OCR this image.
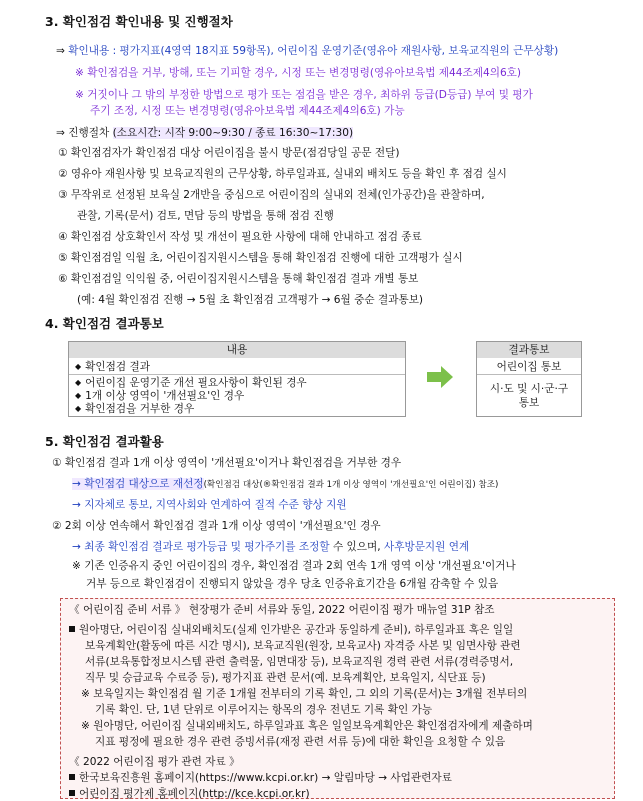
3. 확인점검 확인내용 및 진행절차
⇒ 확인내용 : 평가지표(4영역 18지표 59항목), 어린이집 운영기준(영유아 재원사항, 보육교직원의 근무상황)
※ 확인점검을 거부, 방해, 또는 기피할 경우, 시정 또는 변경명령(영유아보육법 제44조제4의6호)
※ 거짓이나 그 밖의 부정한 방법으로 평가 또는 점검을 받은 경우, 최하위 등급(D등급) 부여 및 평가
주기 조정, 시정 또는 변경명령(영유아보육법 제44조제4의6호) 가능
⇒ 진행절차 (소요시간: 시작 9:00~9:30 / 종료 16:30~17:30)
① 확인점검자가 확인점검 대상 어린이집을 불시 방문(점검당일 공문 전달)
② 영유아 재원사항 및 보육교직원의 근무상황, 하루일과표, 실내외 배치도 등을 확인 후 점검 실시
③ 무작위로 선정된 보육실 2개반을 중심으로 어린이집의 실내외 전체(인가공간)을 관찰하며,
관찰, 기록(문서) 검토, 면담 등의 방법을 통해 점검 진행
④ 확인점검 상호확인서 작성 및 개선이 필요한 사항에 대해 안내하고 점검 종료
⑤ 확인점검일 익월 초, 어린이집지원시스템을 통해 확인점검 진행에 대한 고객평가 실시
⑥ 확인점검일 익익월 중, 어린이집지원시스템을 통해 확인점검 결과 개별 통보
(예: 4월 확인점검 진행 → 5월 초 확인점검 고객평가 → 6월 중순 결과통보)
4. 확인점검 결과통보
내용
◆ 확인점검 결과
◆ 어린이집 운영기준 개선 필요사항이 확인된 경우
◆ 1개 이상 영역이 '개선필요'인 경우
◆ 확인점검을 거부한 경우
결과통보
어린이집 통보
시·도 및 시·군·구
통보
5. 확인점검 결과활용
① 확인점검 결과 1개 이상 영역이 '개선필요'이거나 확인점검을 거부한 경우
→ 확인점검 대상으로 재선정(확인점검 대상(®확인점검 결과 1개 이상 영역이 '개선필요'인 어린이집) 참조)
→ 지자체로 통보, 지역사회와 연계하여 질적 수준 향상 지원
② 2회 이상 연속해서 확인점검 결과 1개 이상 영역이 '개선필요'인 경우
→ 최종 확인점검 결과로 평가등급 및 평가주기를 조정할 수 있으며, 사후방문지원 연계
※ 기존 인증유지 중인 어린이집의 경우, 확인점검 결과 2회 연속 1개 영역 이상 '개선필요'이거나
거부 등으로 확인점검이 진행되지 않았을 경우 당초 인증유효기간을 6개월 감축할 수 있음
《 어린이집 준비 서류 》 현장평가 준비 서류와 동일, 2022 어린이집 평가 매뉴얼 31P 참조
원아명단, 어린이집 실내외배치도(실제 인가받은 공간과 동일하게 준비), 하루일과표 혹은 일일
보육계획안(활동에 따른 시간 명시), 보육교직원(원장, 보육교사) 자격증 사본 및 임면사항 관련
서류(보육통합정보시스템 관련 출력물, 임면대장 등), 보육교직원 경력 관련 서류(경력증명서,
직무 및 승급교육 수료증 등), 평가지표 관련 문서(예. 보육계획안, 보육일지, 식단표 등)
※ 보육일지는 확인점검 월 기준 1개월 전부터의 기록 확인, 그 외의 기록(문서)는 3개월 전부터의
기록 확인. 단, 1년 단위로 이루어지는 항목의 경우 전년도 기록 확인 가능
※ 원아명단, 어린이집 실내외배치도, 하루일과표 혹은 일일보육계획안은 확인점검자에게 제출하며
지표 평정에 필요한 경우 관련 증빙서류(재정 관련 서류 등)에 대한 확인을 요청할 수 있음
《 2022 어린이집 평가 관련 자료 》
한국보육진흥원 홈페이지(https://www.kcpi.or.kr) → 알림마당 → 사업관련자료
어린이집 평가제 홈페이지(http://kce.kcpi.or.kr)
